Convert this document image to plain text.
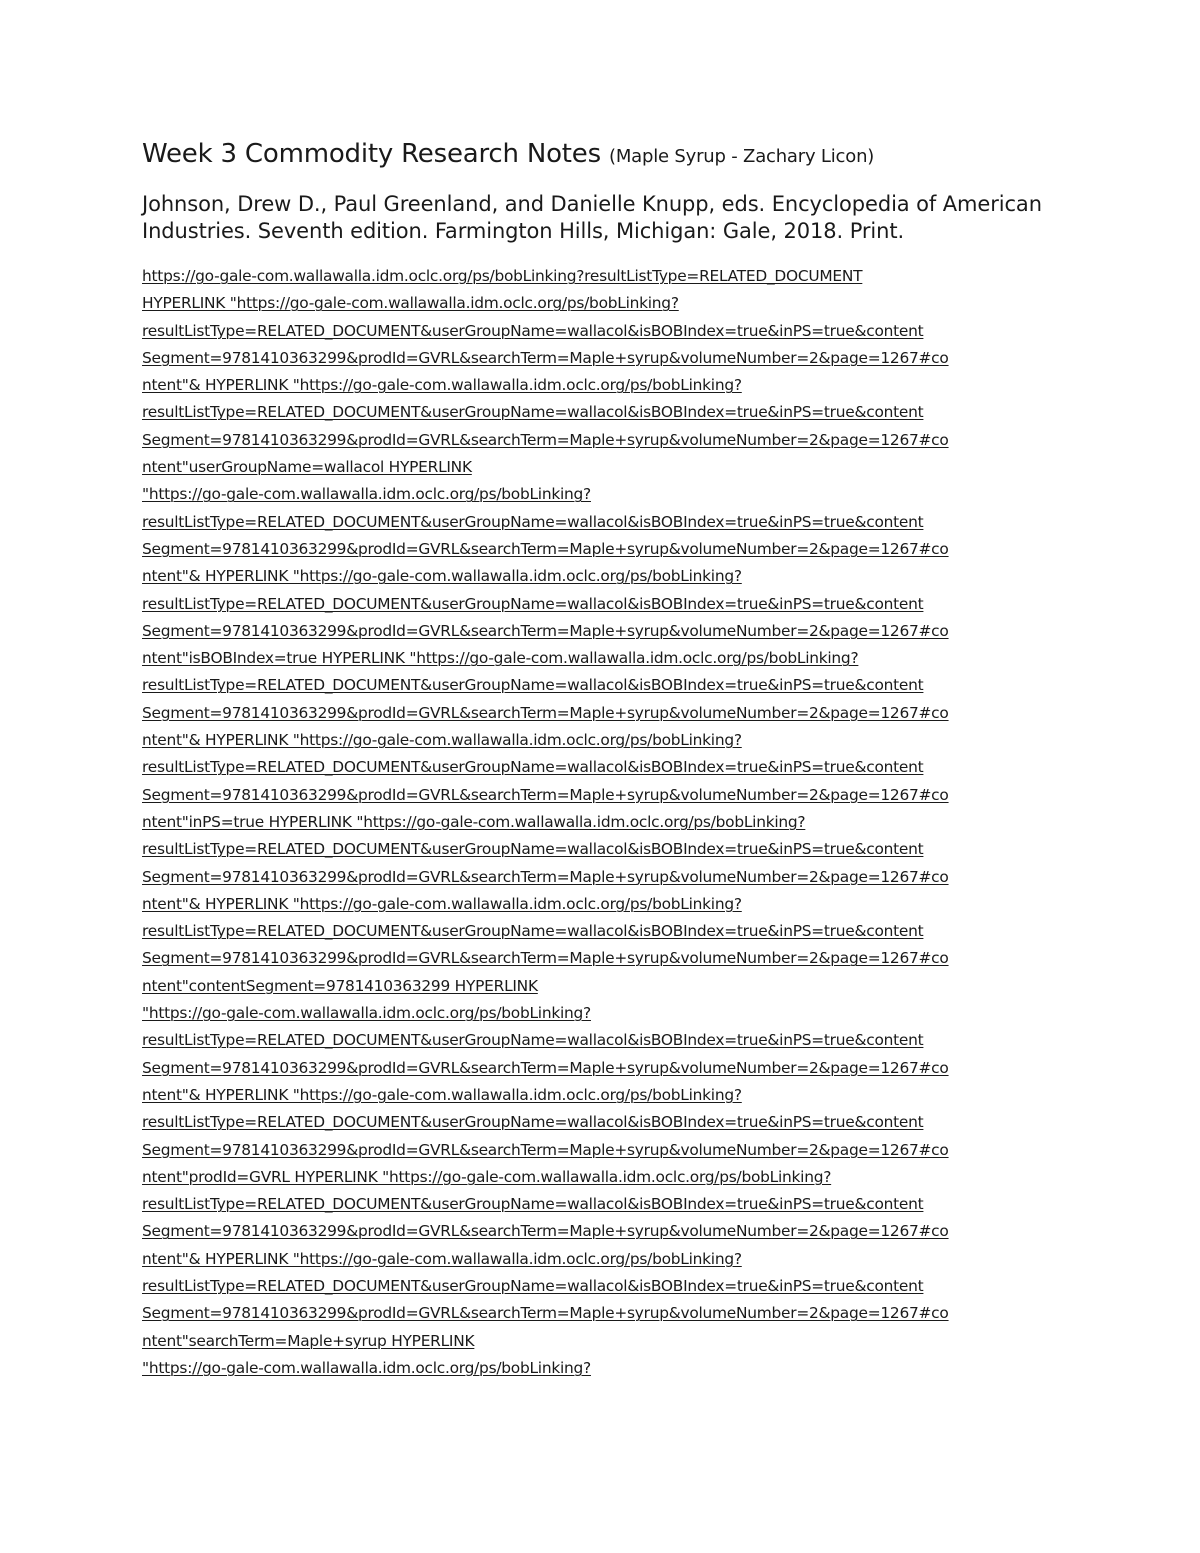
Week 3 Commodity Research Notes (Maple Syrup - Zachary Licon)

Johnson, Drew D., Paul Greenland, and Danielle Knupp, eds. Encyclopedia of American Industries. Seventh edition. Farmington Hills, Michigan: Gale, 2018. Print.

https://go-gale-com.wallawalla.idm.oclc.org/ps/bobLinking?resultListType=RELATED_DOCUMENT
HYPERLINK "https://go-gale-com.wallawalla.idm.oclc.org/ps/bobLinking?
resultListType=RELATED_DOCUMENT&userGroupName=wallacol&isBOBIndex=true&inPS=true&content
Segment=9781410363299&prodId=GVRL&searchTerm=Maple+syrup&volumeNumber=2&page=1267#co
ntent"& HYPERLINK "https://go-gale-com.wallawalla.idm.oclc.org/ps/bobLinking?
resultListType=RELATED_DOCUMENT&userGroupName=wallacol&isBOBIndex=true&inPS=true&content
Segment=9781410363299&prodId=GVRL&searchTerm=Maple+syrup&volumeNumber=2&page=1267#co
ntent"userGroupName=wallacol HYPERLINK
"https://go-gale-com.wallawalla.idm.oclc.org/ps/bobLinking?
resultListType=RELATED_DOCUMENT&userGroupName=wallacol&isBOBIndex=true&inPS=true&content
Segment=9781410363299&prodId=GVRL&searchTerm=Maple+syrup&volumeNumber=2&page=1267#co
ntent"& HYPERLINK "https://go-gale-com.wallawalla.idm.oclc.org/ps/bobLinking?
resultListType=RELATED_DOCUMENT&userGroupName=wallacol&isBOBIndex=true&inPS=true&content
Segment=9781410363299&prodId=GVRL&searchTerm=Maple+syrup&volumeNumber=2&page=1267#co
ntent"isBOBIndex=true HYPERLINK "https://go-gale-com.wallawalla.idm.oclc.org/ps/bobLinking?
resultListType=RELATED_DOCUMENT&userGroupName=wallacol&isBOBIndex=true&inPS=true&content
Segment=9781410363299&prodId=GVRL&searchTerm=Maple+syrup&volumeNumber=2&page=1267#co
ntent"& HYPERLINK "https://go-gale-com.wallawalla.idm.oclc.org/ps/bobLinking?
resultListType=RELATED_DOCUMENT&userGroupName=wallacol&isBOBIndex=true&inPS=true&content
Segment=9781410363299&prodId=GVRL&searchTerm=Maple+syrup&volumeNumber=2&page=1267#co
ntent"inPS=true HYPERLINK "https://go-gale-com.wallawalla.idm.oclc.org/ps/bobLinking?
resultListType=RELATED_DOCUMENT&userGroupName=wallacol&isBOBIndex=true&inPS=true&content
Segment=9781410363299&prodId=GVRL&searchTerm=Maple+syrup&volumeNumber=2&page=1267#co
ntent"& HYPERLINK "https://go-gale-com.wallawalla.idm.oclc.org/ps/bobLinking?
resultListType=RELATED_DOCUMENT&userGroupName=wallacol&isBOBIndex=true&inPS=true&content
Segment=9781410363299&prodId=GVRL&searchTerm=Maple+syrup&volumeNumber=2&page=1267#co
ntent"contentSegment=9781410363299 HYPERLINK
"https://go-gale-com.wallawalla.idm.oclc.org/ps/bobLinking?
resultListType=RELATED_DOCUMENT&userGroupName=wallacol&isBOBIndex=true&inPS=true&content
Segment=9781410363299&prodId=GVRL&searchTerm=Maple+syrup&volumeNumber=2&page=1267#co
ntent"& HYPERLINK "https://go-gale-com.wallawalla.idm.oclc.org/ps/bobLinking?
resultListType=RELATED_DOCUMENT&userGroupName=wallacol&isBOBIndex=true&inPS=true&content
Segment=9781410363299&prodId=GVRL&searchTerm=Maple+syrup&volumeNumber=2&page=1267#co
ntent"prodId=GVRL HYPERLINK "https://go-gale-com.wallawalla.idm.oclc.org/ps/bobLinking?
resultListType=RELATED_DOCUMENT&userGroupName=wallacol&isBOBIndex=true&inPS=true&content
Segment=9781410363299&prodId=GVRL&searchTerm=Maple+syrup&volumeNumber=2&page=1267#co
ntent"& HYPERLINK "https://go-gale-com.wallawalla.idm.oclc.org/ps/bobLinking?
resultListType=RELATED_DOCUMENT&userGroupName=wallacol&isBOBIndex=true&inPS=true&content
Segment=9781410363299&prodId=GVRL&searchTerm=Maple+syrup&volumeNumber=2&page=1267#co
ntent"searchTerm=Maple+syrup HYPERLINK
"https://go-gale-com.wallawalla.idm.oclc.org/ps/bobLinking?
